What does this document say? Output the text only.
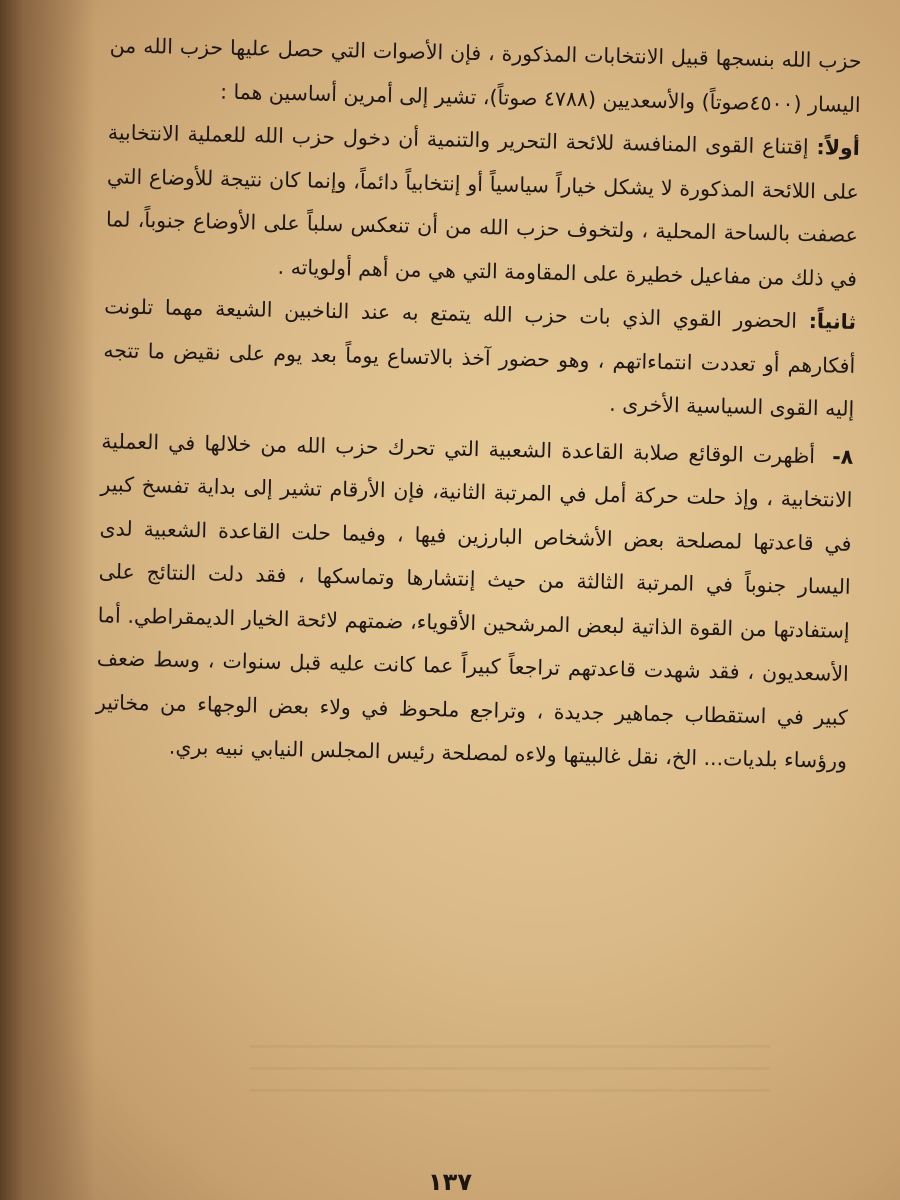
حزب الله بنسجها قبيل الانتخابات المذكورة ، فإن الأصوات التي حصل عليها حزب الله من اليسار (٤٥٠٠صوتاً) والأسعديين (٤٧٨٨ صوتاً)، تشير إلى أمرين أساسين هما :

أولاً: إقتناع القوى المنافسة للائحة التحرير والتنمية أن دخول حزب الله للعملية الانتخابية على اللائحة المذكورة لا يشكل خياراً سياسياً أو إنتخابياً دائماً، وإنما كان نتيجة للأوضاع التي عصفت بالساحة المحلية ، ولتخوف حزب الله من أن تنعكس سلباً على الأوضاع جنوباً، لما في ذلك من مفاعيل خطيرة على المقاومة التي هي من أهم أولوياته .

ثانياً: الحضور القوي الذي بات حزب الله يتمتع به عند الناخبين الشيعة مهما تلونت أفكارهم أو تعددت انتماءاتهم ، وهو حضور آخذ بالاتساع يوماً بعد يوم على نقيض ما تتجه إليه القوى السياسية الأخرى .

٨- أظهرت الوقائع صلابة القاعدة الشعبية التي تحرك حزب الله من خلالها في العملية الانتخابية ، وإذ حلت حركة أمل في المرتبة الثانية، فإن الأرقام تشير إلى بداية تفسخ كبير في قاعدتها لمصلحة بعض الأشخاص البارزين فيها ، وفيما حلت القاعدة الشعبية لدى اليسار جنوباً في المرتبة الثالثة من حيث إنتشارها وتماسكها ، فقد دلت النتائج على إستفادتها من القوة الذاتية لبعض المرشحين الأقوياء، ضمتهم لائحة الخيار الديمقراطي. أما الأسعديون ، فقد شهدت قاعدتهم تراجعاً كبيراً عما كانت عليه قبل سنوات ، وسط ضعف كبير في استقطاب جماهير جديدة ، وتراجع ملحوظ في ولاء بعض الوجهاء من مخاتير ورؤساء بلديات... الخ، نقل غالبيتها ولاءه لمصلحة رئيس المجلس النيابي نبيه بري.

١٣٧
